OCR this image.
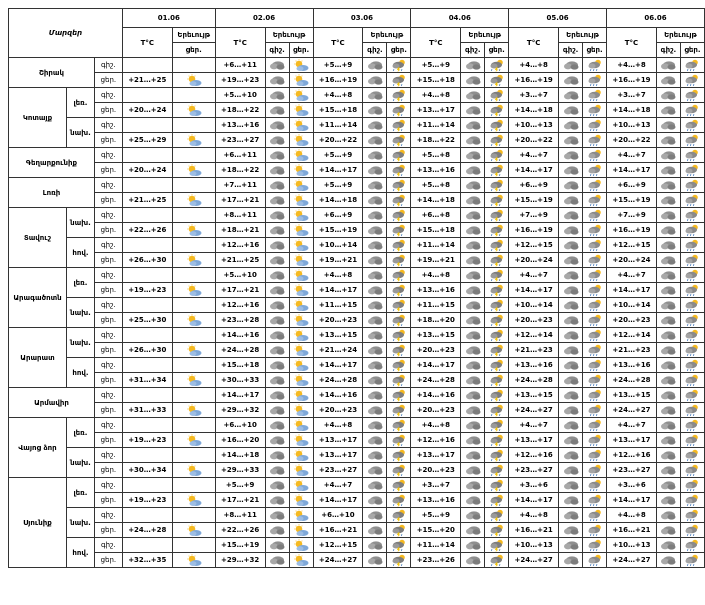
Մարզեր			01.06		02.06			03.06			04.06			05.06			06.06		
			T°C	Երեւույթ	T°C	Երեւույթ		T°C	Երեւույթ		T°C	Երեւույթ		T°C	Երեւույթ		T°C	Երեւույթ	
				ցեր.		գիշ.	ցեր.		գիշ.	ցեր.		գիշ.	ցեր.		գիշ.	ցեր.		գիշ.	ցեր.
Շիրակ		գիշ.			+6…+11			+5…+9			+5…+9			+4…+8			+4…+8		
		ցեր.	+21…+25		+19…+23			+16…+19			+15…+18			+16…+19			+16…+19		
Կոտայք	լեռ.	գիշ.			+5…+10			+4…+8			+4…+8			+3…+7			+3…+7		
		ցեր.	+20…+24		+18…+22			+15…+18			+13…+17			+14…+18			+14…+18		
	նախ.	գիշ.			+13…+16			+11…+14			+11…+14			+10…+13			+10…+13		
		ցեր.	+25…+29		+23…+27			+20…+22			+18…+22			+20…+22			+20…+22		
Գեղարքունիք		գիշ.			+6…+11			+5…+9			+5…+8			+4…+7			+4…+7		
		ցեր.	+20…+24		+18…+22			+14…+17			+13…+16			+14…+17			+14…+17		
Լոռի		գիշ.			+7…+11			+5…+9			+5…+8			+6…+9			+6…+9		
		ցեր.	+21…+25		+17…+21			+14…+18			+14…+18			+15…+19			+15…+19		
Տավուշ	նախ.	գիշ.			+8…+11			+6…+9			+6…+8			+7…+9			+7…+9		
		ցեր.	+22…+26		+18…+21			+15…+19			+15…+18			+16…+19			+16…+19		
	հով.	գիշ.			+12…+16			+10…+14			+11…+14			+12…+15			+12…+15		
		ցեր.	+26…+30		+21…+25			+19…+21			+19…+21			+20…+24			+20…+24		
Արագածոտն	լեռ.	գիշ.			+5…+10			+4…+8			+4…+8			+4…+7			+4…+7		
		ցեր.	+19…+23		+17…+21			+14…+17			+13…+16			+14…+17			+14…+17		
	նախ.	գիշ.			+12…+16			+11…+15			+11…+15			+10…+14			+10…+14		
		ցեր.	+25…+30		+23…+28			+20…+23			+18…+20			+20…+23			+20…+23		
Արարատ	նախ.	գիշ.			+14…+16			+13…+15			+13…+15			+12…+14			+12…+14		
		ցեր.	+26…+30		+24…+28			+21…+24			+20…+23			+21…+23			+21…+23		
	հով.	գիշ.			+15…+18			+14…+17			+14…+17			+13…+16			+13…+16		
		ցեր.	+31…+34		+30…+33			+24…+28			+24…+28			+24…+28			+24…+28		
Արմավիր		գիշ.			+14…+17			+14…+16			+14…+16			+13…+15			+13…+15		
		ցեր.	+31…+33		+29…+32			+20…+23			+20…+23			+24…+27			+24…+27		
Վայոց ձոր	լեռ.	գիշ.			+6…+10			+4…+8			+4…+8			+4…+7			+4…+7		
		ցեր.	+19…+23		+16…+20			+13…+17			+12…+16			+13…+17			+13…+17		
	նախ.	գիշ.			+14…+18			+13…+17			+13…+17			+12…+16			+12…+16		
		ցեր.	+30…+34		+29…+33			+23…+27			+20…+23			+23…+27			+23…+27		
Սյունիք	լեռ.	գիշ.			+5…+9			+4…+7			+3…+7			+3…+6			+3…+6		
		ցեր.	+19…+23		+17…+21			+14…+17			+13…+16			+14…+17			+14…+17		
	նախ.	գիշ.			+8…+11			+6…+10			+5…+9			+4…+8			+4…+8		
		ցեր.	+24…+28		+22…+26			+16…+21			+15…+20			+16…+21			+16…+21		
	հով.	գիշ.			+15…+19			+12…+15			+11…+14			+10…+13			+10…+13		
		ցեր.	+32…+35		+29…+32			+24…+27			+23…+26			+24…+27			+24…+27		
